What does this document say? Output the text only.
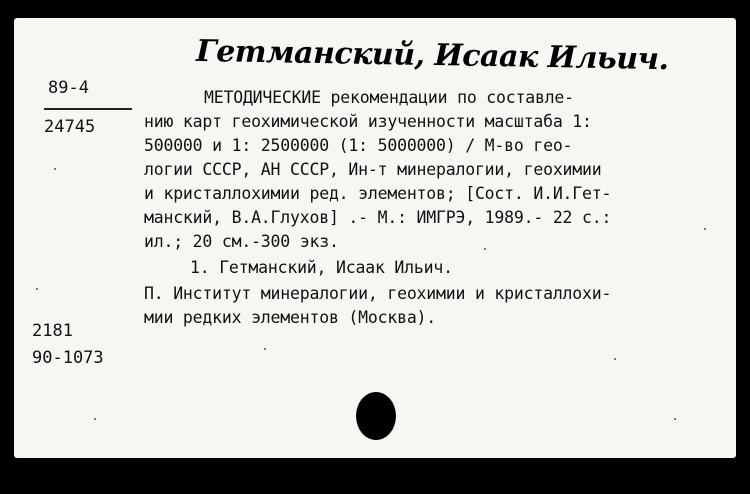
Гетманский, Исаак Ильич.
89-4
24745
МЕТОДИЧЕСКИЕ рекомендации по составле-
нию карт геохимической изученности масштаба 1:
500000 и 1: 2500000 (1: 5000000) / М-во гео-
логии СССР, АН СССР, Ин-т минералогии, геохимии
и кристаллохимии ред. элементов; [Сост. И.И.Гет-
манский, В.А.Глухов] .- М.: ИМГРЭ, 1989.- 22 с.:
ил.; 20 см.-300 экз.
1. Гетманский, Исаак Ильич.
П. Институт минералогии, геохимии и кристаллохи-
мии редких элементов (Москва).
2181
90-1073
